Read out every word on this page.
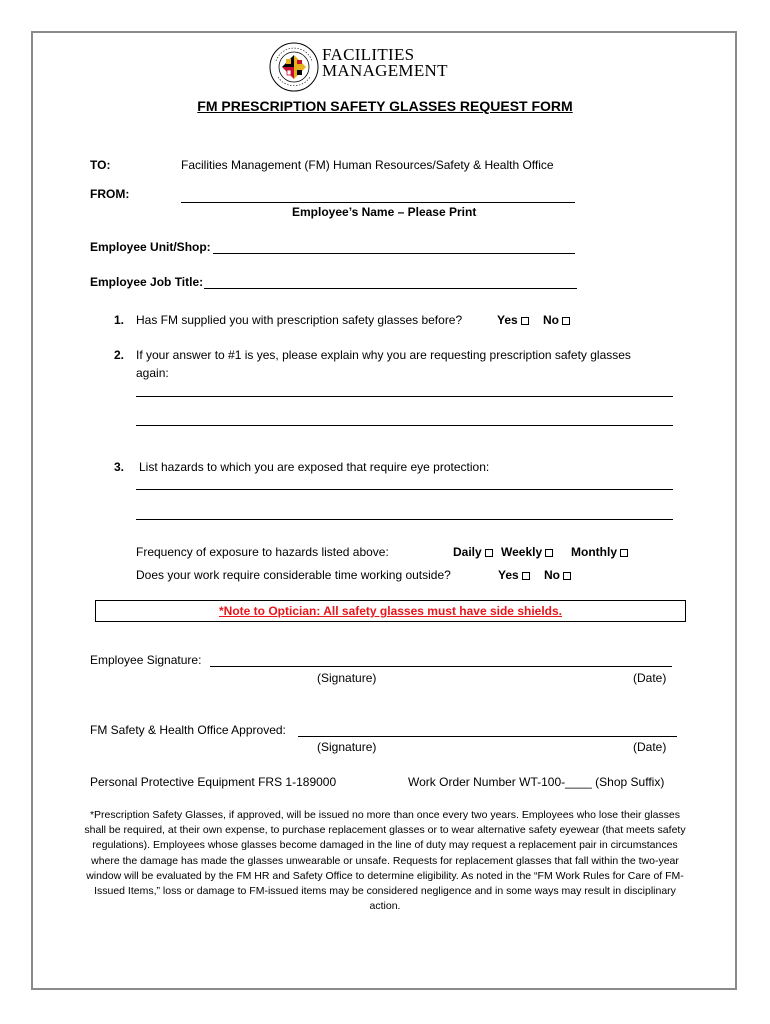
FACILITIES
MANAGEMENT
FM PRESCRIPTION SAFETY GLASSES REQUEST FORM
TO:	Facilities Management (FM) Human Resources/Safety & Health Office
FROM:
Employee’s Name – Please Print
Employee Unit/Shop:
Employee Job Title:
1. Has FM supplied you with prescription safety glasses before?	Yes	No
2. If your answer to #1 is yes, please explain why you are requesting prescription safety glasses
again:
3. List hazards to which you are exposed that require eye protection:
Frequency of exposure to hazards listed above:	Daily	Weekly	Monthly
Does your work require considerable time working outside?	Yes	No
*Note to Optician: All safety glasses must have side shields.
Employee Signature:
(Signature)	(Date)
FM Safety & Health Office Approved:
(Signature)	(Date)
Personal Protective Equipment FRS 1-189000	Work Order Number WT-100-____ (Shop Suffix)
*Prescription Safety Glasses, if approved, will be issued no more than once every two years. Employees who lose their glasses shall be required, at their own expense, to purchase replacement glasses or to wear alternative safety eyewear (that meets safety regulations). Employees whose glasses become damaged in the line of duty may request a replacement pair in circumstances where the damage has made the glasses unwearable or unsafe. Requests for replacement glasses that fall within the two-year window will be evaluated by the FM HR and Safety Office to determine eligibility. As noted in the “FM Work Rules for Care of FM-Issued Items,” loss or damage to FM-issued items may be considered negligence and in some ways may result in disciplinary action.
